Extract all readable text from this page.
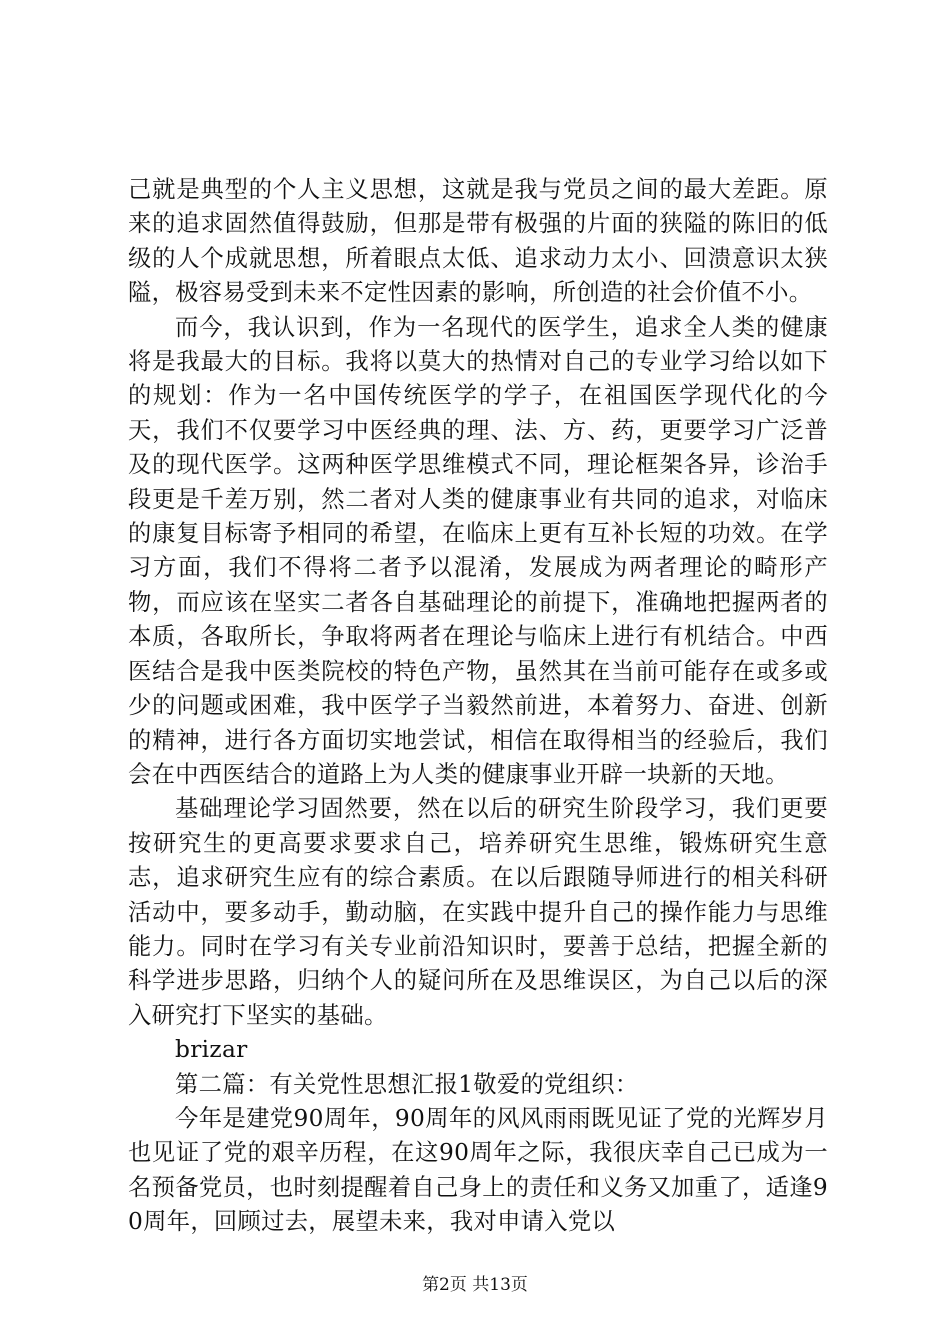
己就是典型的个人主义思想，这就是我与党员之间的最大差距。原来的追求固然值得鼓励，但那是带有极强的片面的狭隘的陈旧的低级的人个成就思想，所着眼点太低、追求动力太小、回溃意识太狭隘，极容易受到未来不定性因素的影响，所创造的社会价值不小。

而今，我认识到，作为一名现代的医学生，追求全人类的健康将是我最大的目标。我将以莫大的热情对自己的专业学习给以如下的规划：作为一名中国传统医学的学子，在祖国医学现代化的今天，我们不仅要学习中医经典的理、法、方、药，更要学习广泛普及的现代医学。这两种医学思维模式不同，理论框架各异，诊治手段更是千差万别，然二者对人类的健康事业有共同的追求，对临床的康复目标寄予相同的希望，在临床上更有互补长短的功效。在学习方面，我们不得将二者予以混淆，发展成为两者理论的畸形产物，而应该在坚实二者各自基础理论的前提下，准确地把握两者的本质，各取所长，争取将两者在理论与临床上进行有机结合。中西医结合是我中医类院校的特色产物，虽然其在当前可能存在或多或少的问题或困难，我中医学子当毅然前进，本着努力、奋进、创新的精神，进行各方面切实地尝试，相信在取得相当的经验后，我们会在中西医结合的道路上为人类的健康事业开辟一块新的天地。

基础理论学习固然要，然在以后的研究生阶段学习，我们更要按研究生的更高要求要求自己，培养研究生思维，锻炼研究生意志，追求研究生应有的综合素质。在以后跟随导师进行的相关科研活动中，要多动手，勤动脑，在实践中提升自己的操作能力与思维能力。同时在学习有关专业前沿知识时，要善于总结，把握全新的科学进步思路，归纳个人的疑问所在及思维误区，为自己以后的深入研究打下坚实的基础。

brizar

第二篇：有关党性思想汇报1敬爱的党组织：

今年是建党90周年，90周年的风风雨雨既见证了党的光辉岁月也见证了党的艰辛历程，在这90周年之际，我很庆幸自己已成为一名预备党员，也时刻提醒着自己身上的责任和义务又加重了，适逢90周年，回顾过去，展望未来，我对申请入党以

第2页 共13页
